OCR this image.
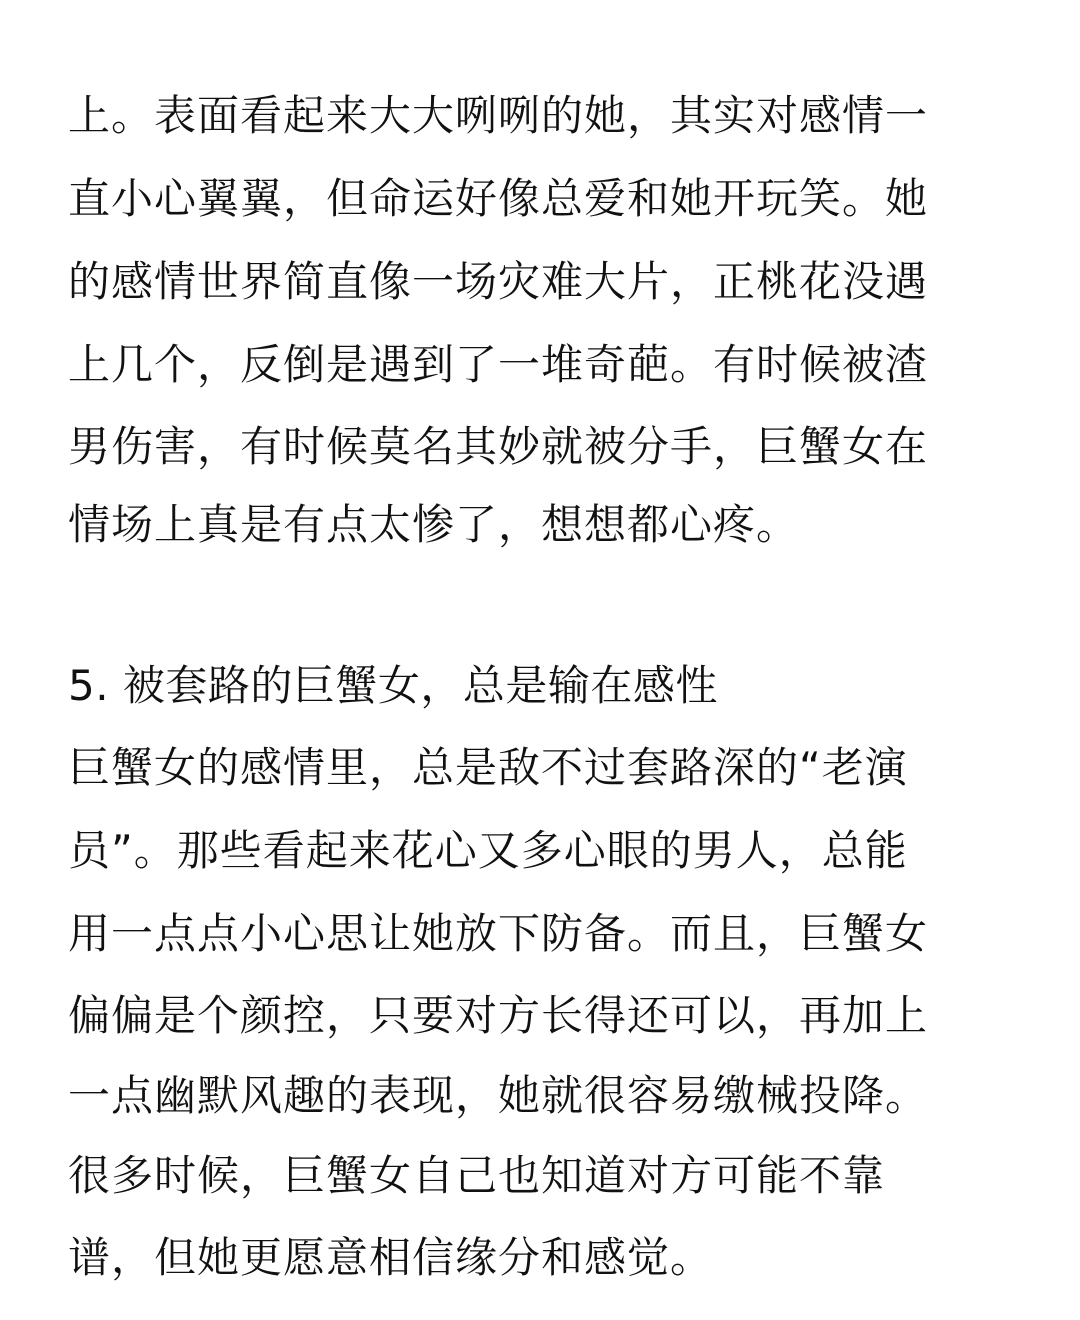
上。表面看起来大大咧咧的她，其实对感情一
直小心翼翼，但命运好像总爱和她开玩笑。她
的感情世界简直像一场灾难大片，正桃花没遇
上几个，反倒是遇到了一堆奇葩。有时候被渣
男伤害，有时候莫名其妙就被分手，巨蟹女在
情场上真是有点太惨了，想想都心疼。
5. 被套路的巨蟹女，总是输在感性
巨蟹女的感情里，总是敌不过套路深的“老演
员”。那些看起来花心又多心眼的男人，总能
用一点点小心思让她放下防备。而且，巨蟹女
偏偏是个颜控，只要对方长得还可以，再加上
一点幽默风趣的表现，她就很容易缴械投降。
很多时候，巨蟹女自己也知道对方可能不靠
谱，但她更愿意相信缘分和感觉。
